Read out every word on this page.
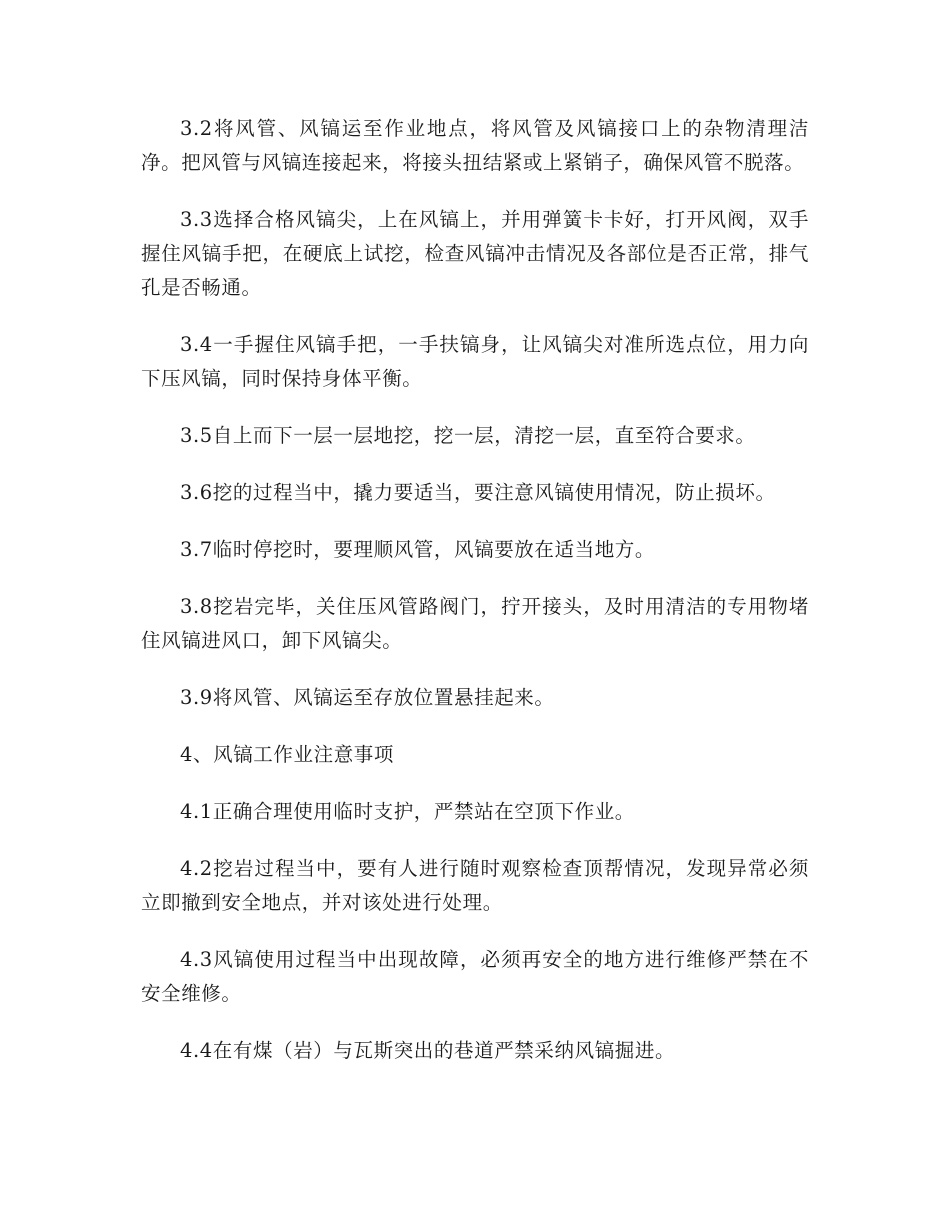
3.2将风管、风镐运至作业地点，将风管及风镐接口上的杂物清理洁净。把风管与风镐连接起来，将接头扭结紧或上紧销子，确保风管不脱落。

3.3选择合格风镐尖，上在风镐上，并用弹簧卡卡好，打开风阀，双手握住风镐手把，在硬底上试挖，检查风镐冲击情况及各部位是否正常，排气孔是否畅通。

3.4一手握住风镐手把，一手扶镐身，让风镐尖对准所选点位，用力向下压风镐，同时保持身体平衡。

3.5自上而下一层一层地挖，挖一层，清挖一层，直至符合要求。

3.6挖的过程当中，撬力要适当，要注意风镐使用情况，防止损坏。

3.7临时停挖时，要理顺风管，风镐要放在适当地方。

3.8挖岩完毕，关住压风管路阀门，拧开接头，及时用清洁的专用物堵住风镐进风口，卸下风镐尖。

3.9将风管、风镐运至存放位置悬挂起来。

4、风镐工作业注意事项

4.1正确合理使用临时支护，严禁站在空顶下作业。

4.2挖岩过程当中，要有人进行随时观察检查顶帮情况，发现异常必须立即撤到安全地点，并对该处进行处理。

4.3风镐使用过程当中出现故障，必须再安全的地方进行维修严禁在不安全维修。

4.4在有煤（岩）与瓦斯突出的巷道严禁采纳风镐掘进。
